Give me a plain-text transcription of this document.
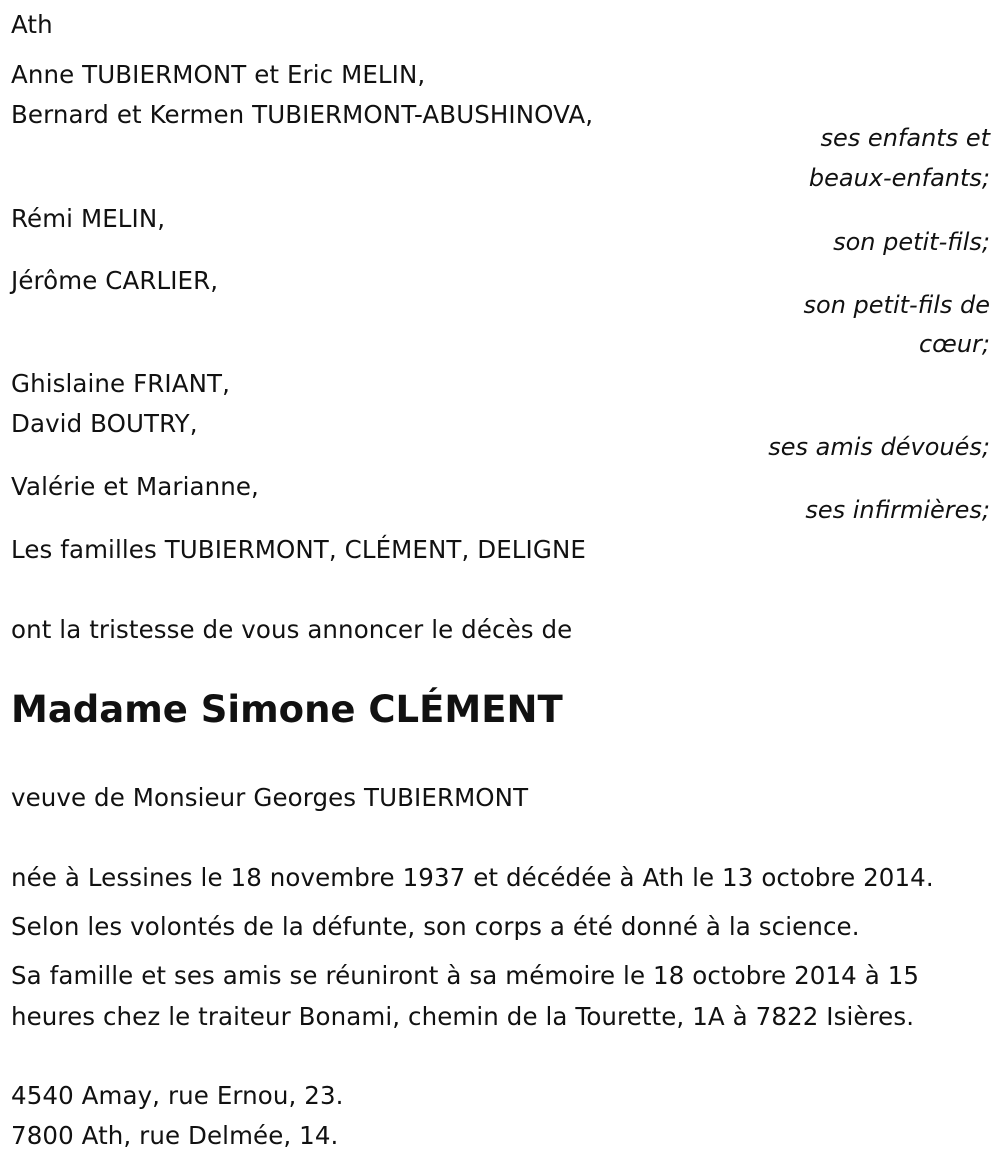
Ath
Anne TUBIERMONT et Eric MELIN,
Bernard et Kermen TUBIERMONT-ABUSHINOVA,
ses enfants et
beaux-enfants;
Rémi MELIN,
son petit-fils;
Jérôme CARLIER,
son petit-fils de
cœur;
Ghislaine FRIANT,
David BOUTRY,
ses amis dévoués;
Valérie et Marianne,
ses infirmières;
Les familles TUBIERMONT, CLÉMENT, DELIGNE
ont la tristesse de vous annoncer le décès de
Madame Simone CLÉMENT
veuve de Monsieur Georges TUBIERMONT
née à Lessines le 18 novembre 1937 et décédée à Ath le 13 octobre 2014.
Selon les volontés de la défunte, son corps a été donné à la science.
Sa famille et ses amis se réuniront à sa mémoire le 18 octobre 2014 à 15
heures chez le traiteur Bonami, chemin de la Tourette, 1A à 7822 Isières.
4540 Amay, rue Ernou, 23.
7800 Ath, rue Delmée, 14.
